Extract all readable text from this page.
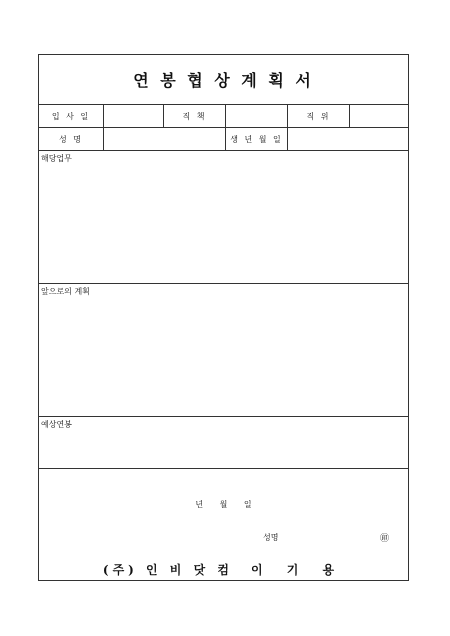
연 봉 협 상 계 획 서
입 사 일	직 책	직 위
성 명	생 년 월 일
해당업무
앞으로의 계획
예상연봉
년 월 일
성명	㊞
(주) 인 비 닷 컴 이 기 용
